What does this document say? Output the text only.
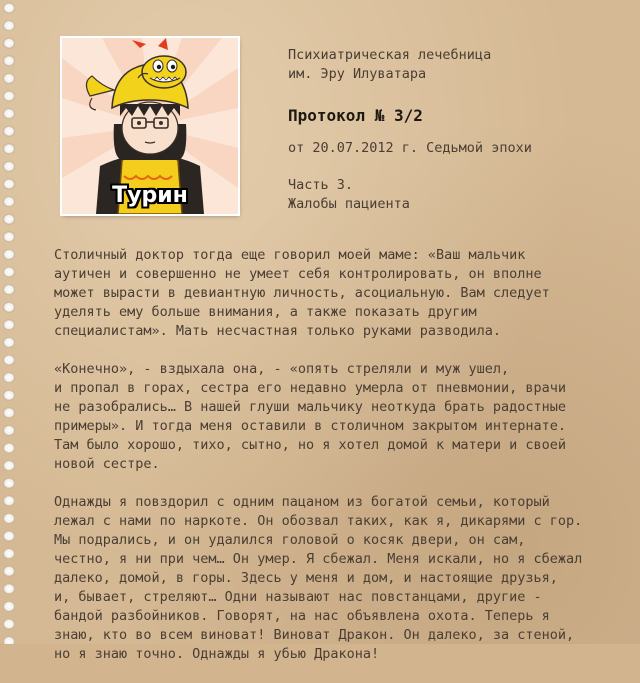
Турин
Психиатрическая лечебница
им. Эру Илуватара
Протокол № 3/2
от 20.07.2012 г. Седьмой эпохи
Часть 3.
Жалобы пациента
Столичный доктор тогда еще говорил моей маме: «Ваш мальчик
аутичен и совершенно не умеет себя контролировать, он вполне
может вырасти в девиантную личность, асоциальную. Вам следует
уделять ему больше внимания, а также показать другим
специалистам». Мать несчастная только руками разводила.
«Конечно», - вздыхала она, - «опять стреляли и муж ушел,
и пропал в горах, сестра его недавно умерла от пневмонии, врачи
не разобрались… В нашей глуши мальчику неоткуда брать радостные
примеры». И тогда меня оставили в столичном закрытом интернате.
Там было хорошо, тихо, сытно, но я хотел домой к матери и своей
новой сестре.
Однажды я повздорил с одним пацаном из богатой семьи, который
лежал с нами по наркоте. Он обозвал таких, как я, дикарями с гор.
Мы подрались, и он удалился головой о косяк двери, он сам,
честно, я ни при чем… Он умер. Я сбежал. Меня искали, но я сбежал
далеко, домой, в горы. Здесь у меня и дом, и настоящие друзья,
и, бывает, стреляют… Одни называют нас повстанцами, другие -
бандой разбойников. Говорят, на нас объявлена охота. Теперь я
знаю, кто во всем виноват! Виноват Дракон. Он далеко, за стеной,
но я знаю точно. Однажды я убью Дракона!
